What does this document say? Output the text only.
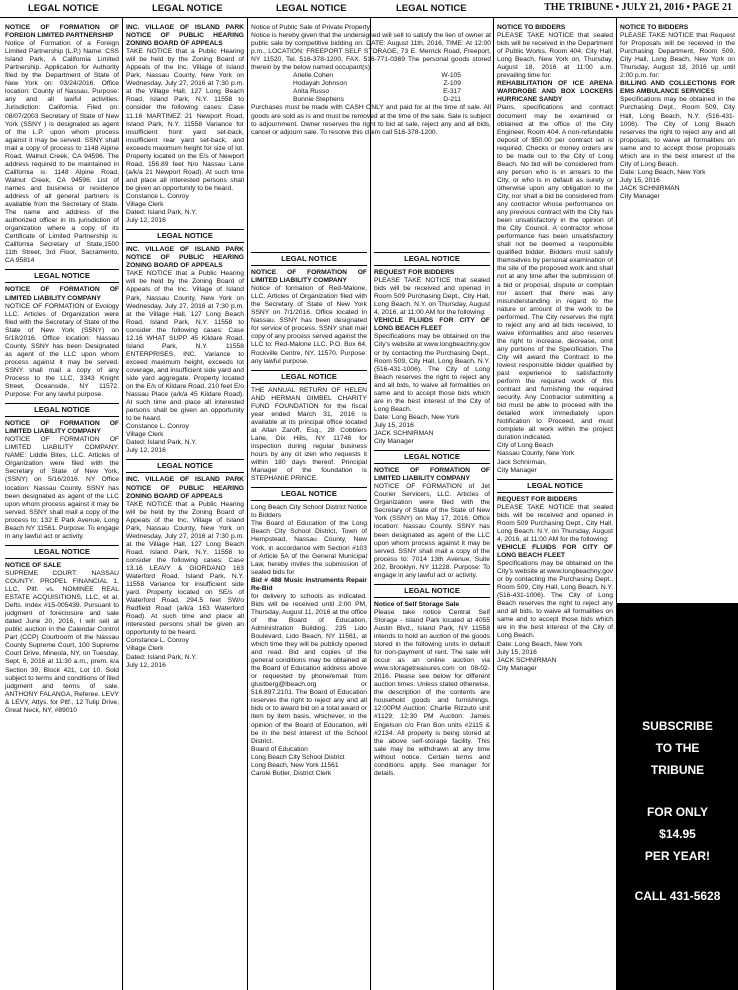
LEGAL NOTICE	LEGAL NOTICE	LEGAL NOTICE	LEGAL NOTICE	THE TRIBUNE • JULY 21, 2016 • PAGE 21

NOTICE OF FORMATION OF FOREIGN LIMITED PARTNERSHIP

Notice of Formation of a Foreign Limited Partnership (L.P.) Name: CSS Island Park, A California Limited Partnership. Application for Authority filed by the Department of State of New York on: 03/24/2016. Office location: County of Nassau. Purpose: any and all lawful activities. Jurisdiction: California. Filed on: 08/07/2003 Secretary of State of New York (SSNY ) is designated as agent of the L.P. upon whom process against it may be served. SSNY shall mail a copy of process to 1148 Alpine Road, Walnut Creek, CA 94596. The address required to be maintained in California is: 1148 Alpine Road, Walnut Creek, CA 94596. List of names and business or residence address of all general partners is available from the Secretary of State. The name and address of the authorized officer in its jurisdiction of organization where a copy of its Certificate of Limited Partnership is: California Secretary of State,1500 11th Street, 3rd Floor, Sacramento, CA 95814

LEGAL NOTICE

NOTICE OF FORMATION OF LIMITED LIABILITY COMPANY

NOTICE OF FORMATION of Evology LLC. Articles of Organization were filed with the Secretary of State of the State of New York (SSNY) on 5/18/2016. Office location: Nassau County. SSNY has been Designated as agent of the LLC upon whom process against it may be served. SSNY shall mail a copy of any Process to the LLC, 3343 Knight Street, Oceanside, NY 11572. Purpose: For any lawful purpose.

LEGAL NOTICE

NOTICE OF FORMATION OF LIMITED LIABILITY COMPANY

NOTICE OF FORMATION OF LIMITED LIABILITY COMPANY. NAME: Liddle Bites, LLC. Articles of Organization were filed with the Secretary of State of New York, (SSNY) on 5/16/2016. NY Office location: Nassau County. SSNY has been designated as agent of the LLC upon whom process against it may be served. SSNY shall mail a copy of the process to: 132 E Park Avenue, Long Beach NY 11561. Purpose: To engage in any lawful act or activity.

LEGAL NOTICE

NOTICE OF SALE

SUPREME COURT: NASSAU COUNTY. PROPEL FINANCIAL 1, LLC, Pltf. vs. NOMINEE REAL ESTATE ACQUISITIONS, LLC, et al, Defts. Index #15-005439. Pursuant to judgment of foreclosure and sale dated June 20, 2016, I will sell at public auction in the Calendar Control Part (CCP) Courtroom of the Nassau County Supreme Court, 100 Supreme Court Drive, Mineola, NY, on Tuesday, Sept. 6, 2016 at 11:30 a.m., prem. k/a Section 39, Block 421, Lot 10. Sold subject to terms and conditions of filed judgment and terms of sale. ANTHONY FALANGA, Referee. LEVY & LEVY, Attys. for Pltf., 12 Tulip Drive, Great Neck, NY, #89010

INC. VILLAGE OF ISLAND PARK NOTICE OF PUBLIC HEARING ZONING BOARD OF APPEALS

TAKE NOTICE that a Public Hearing will be held by the Zoning Board of Appeals of the Inc. Village of Island Park, Nassau County, New York on Wednesday, July 27, 2016 at 7:30 p.m. at the Village Hall, 127 Long Beach Road, Island Park, N.Y. 11558 to consider the following cases: Case 11.16 MARTINEZ 21 Newport Road, Island Park, N.Y. 11558 Variance for insufficient front yard set-back, insufficient rear yard set-back, and exceeds maximum height for size of lot. Property located on the E/s of Newport Road, 156.89 feet N/o Nassau Lane (a/k/a 21 Newport Road). At such time and place all interested persons shall be given an opportunity to be heard.

Constance L. Conroy

Village Clerk

Dated: Island Park, N.Y.

July 12, 2016

LEGAL NOTICE

INC. VILLAGE OF ISLAND PARK NOTICE OF PUBLIC HEARING ZONING BOARD OF APPEALS

TAKE NOTICE that a Public Hearing will be held by the Zoning Board of Appeals of the Inc. Village of Island Park, Nassau County, New York on Wednesday, July 27, 2016 at 7:30 p.m. at the Village Hall, 127 Long Beach Road, Island Park, N.Y. 11558 to consider the following cases: Case 12.16 WHAT SUPP 45 Kildare Road, Island Park, N.Y. 11558 ENTERPRISES, INC. Variance to exceed maximum height, exceeds lot coverage, and insufficient side yard and side yard aggregate. Property located on the E/s of Kildare Road, 210 feet E/o Nassau Place (a/k/a 45 Kildare Road). At such time and place all interested persons shall be given an opportunity to be heard.

Constance L. Conroy

Village Clerk

Dated: Island Park, N.Y.

July 12, 2016

LEGAL NOTICE

INC. VILLAGE OF ISLAND PARK NOTICE OF PUBLIC HEARING ZONING BOARD OF APPEALS

TAKE NOTICE that a Public Hearing will be held by the Zoning Board of Appeals of the Inc. Village of Island Park, Nassau County, New York on Wednesday, July 27, 2016 at 7:30 p.m. at the Village Hall, 127 Long Beach Road, Island Park, N.Y. 11558 to consider the following cases: Case 13.16 LEAVY & GIORDANO 163 Waterford Road, Island Park, N.Y. 11558 Variance for insufficient side yard. Property located on SE/s of Waterford Road, 294.5 feet SW/o Redfield Road (a/k/a 163 Waterford Road). At such time and place all interested persons shall be given an opportunity to be heard.

Constance L. Conroy

Village Clerk

Dated: Island Park, N.Y.

July 12, 2016

Notice of Public Sale of Private Property

Notice is hereby given that the undersigned will sell to satisfy the lien of owner at public sale by competitive bidding on: DATE: August 11th, 2016, TIME: At 12:00 p.m., LOCATION: FREEPORT SELF STORAGE, 73 E. Merrick Road, Freeport, NY 11520, Tel. 516-378-1200, FAX. 516-771-0369 The personal goods stored therein by the below named occupant(s):

Arielle Cohen	W-105
Hodayah Johnson	Z-109
Anita Russo	E-317
Bonnie Stephens	D-211

Purchases must be made with CASH ONLY and paid for at the time of sale. All goods are sold as is and must be removed at the time of the sale. Sale is subject to adjournment. Owner reserves the right to bid at sale, reject any and all bids, cancel or adjourn sale. To resolve this claim call 516-378-1200.

LEGAL NOTICE

NOTICE OF FORMATION OF LIMITED LIABILITY COMPANY

Notice of formation of Red-Malone, LLC. Articles of Organization filed with the Secretary of State of New York SSNY on 7/1/2016. Office located in Nassau. SSNY has been designated for service of process. SSNY shall mail copy of any process served against the LLC to: Red-Malone LLC. P.O. Box 64, Rockville Centre, NY, 11570. Purpose: any lawful purpose.

LEGAL NOTICE

THE ANNUAL RETURN OF HELEN AND HERMAN GIMBEL CHARITY FUND FOUNDATION for the fiscal year ended March 31, 2016 is available at its principal office located at Allan Zaroff, Esq., 28 Cobblers Lane, Dix Hills, NY 11746 for inspection during regular business hours by any cit izen who requests it within 180 days thereof. Principal Manager of the foundation is STEPHANIE PRINCE.

LEGAL NOTICE

Long Beach City School District Notice to Bidders

The Board of Education of the Long Beach City School District, Town of Hempstead, Nassau County, New York, in accordance with Section #103 of Article 5A of the General Municipal Law, hereby invites the submission of sealed bids for

Bid # 488 Music Instruments Repair Re-Bid

for delivery to schools as indicated. Bids will be received until 2:00 PM, Thursday, August 11, 2016 at the office of the Board of Education, Administration Building, 235 Lido Boulevard, Lido Beach, NY 11561, at which time they will be publicly opened and read. Bid and copies of the general conditions may be obtained at the Board of Education address above or requested by phone/email from glustberg@lbeach.org or 516.897.2101. The Board of Education reserves the right to reject any and all bids or to award bid on a total award or item by item basis, whichever, in the opinion of the Board of Education, will be in the best interest of the School District.

Board of Education

Long Beach City School District

Long Beach, New York 11561

Carole Butler, District Clerk

LEGAL NOTICE

REQUEST FOR BIDDERS

PLEASE TAKE NOTICE that sealed bids will be received and opened in Room 509 Purchasing Dept., City Hall, Long Beach, N.Y. on Thursday, August 4, 2016, at 11:00 AM for the following:

VEHICLE FLUIDS FOR CITY OF LONG BEACH FLEET

Specifications may be obtained on the City's website at www.longbeachny.gov or by contacting the Purchasing Dept., Room 509, City Hall, Long Beach, N.Y. (516-431-1006). The City of Long Beach reserves the right to reject any and all bids, to waive all formalities on same and to accept those bids which are in the best interest of the City of Long Beach.

Date: Long Beach, New York

July 15, 2016

JACK SCHNIRMAN

City Manager

LEGAL NOTICE

NOTICE OF FORMATION OF LIMITED LIABILITY COMPANY

NOTICE OF FORMATION of Jet Courier Servicers, LLC. Articles of Organization were filed with the Secretary of State of the State of New York (SSNY) on May 17, 2016. Office location: Nassau County. SSNY has been designated as agent of the LLC upon whom process against it may be served. SSNY shall mail a copy of the process to: 7014 13th Avenue, Suite 202, Brooklyn, NY 11228. Purpose: To engage in any lawful act or activity.

LEGAL NOTICE

Notice of Self Storage Sale

Please take notice Central Self Storage - Island Park located at 4055 Austin Blvd., Island Park, NY 11558 intends to hold an auction of the goods stored in the following units in default for non-payment of rent. The sale will occur as an online auction via www.storagetreasures.com on 08-02-2016. Please see below for different auction times. Unless stated otherwise, the description of the contents are household goods and furnishings. 12:00PM Auction: Charlie Rizzuto unit #1129; 12:30 PM Auction: James Engelson c/o Fran Bon units #2115 & #2134. All property is being stored at the above self-storage facility. This sale may be withdrawn at any time without notice. Certain terms and conditions apply. See manager for details.

NOTICE TO BIDDERS

PLEASE TAKE NOTICE that sealed bids will be received in the Department of Public Works, Room 404, City Hall, Long Beach, New York on, Thursday, August 18, 2016 at 11:00 a.m. prevailing time for:

REHABILITATION OF ICE ARENA WARDROBE AND BOX LOCKERS HURRICANE SANDY

Plans, specifications and contract document may be examined or obtained at the office of the City Engineer, Room 404. A non-refundable deposit of $50.00 per contract set is required. Checks or money orders are to be made out to the City of Long Beach. No bid will be considered from any person who is in arrears to the City, or who is in default as surety or otherwise upon any obligation to the City, nor shall a bid be considered from any contractor whose performance on any previous contract with the City has been unsatisfactory in the opinion of the City Council. A contractor whose performance has been unsatisfactory shall not be deemed a responsible qualified bidder. Bidders must satisfy themselves by personal examination of the site of the proposed work and shall not at any time after the submission of a bid or proposal, dispute or complain nor assert that there was any misunderstanding in regard to the nature or amount of the work to be performed. The City reserves the right to reject any and all bids received, to waive informalities and also reserves the right to increase, decrease, omit any portions of the Specification. The City will award the Contract to the lowest responsible bidder qualified by past experience to satisfactorily perform the required work of this contract and furnishing the required security. Any Contractor submitting a bid must be able to proceed with the detailed work immediately upon Notification to Proceed, and must complete all work within the project duration indicated.

City of Long Beach

Nassau County, New York

Jack Schnirman,

City Manager

LEGAL NOTICE

REQUEST FOR BIDDERS

PLEASE TAKE NOTICE that sealed bids will be received and opened in Room 509 Purchasing Dept., City Hall, Long Beach, N.Y. on Thursday, August 4, 2016, at 11:00 AM for the following:

VEHICLE FLUIDS FOR CITY OF LONG BEACH FLEET

Specifications may be obtained on the City's website at www.longbeachny.gov or by contacting the Purchasing Dept., Room 509, City Hall, Long Beach, N.Y. (516-431-1006). The City of Long Beach reserves the right to reject any and all bids, to waive all formalities on same and to accept those bids which are in the best interest of the City of Long Beach.

Date: Long Beach, New York

July 15, 2016

JACK SCHNIRMAN

City Manager

NOTICE TO BIDDERS

PLEASE TAKE NOTICE that Request for Proposals will be received in the Purchasing Department, Room 509, City Hall, Long Beach, New York on Thursday, August 18, 2016 up until 2:00 p.m. for:

BILLING AND COLLECTIONS FOR EMS AMBULANCE SERVICES

Specifications may be obtained in the Purchasing Dept., Room 509, City Hall, Long Beach, N.Y. (516-431-1006). The City of Long Beach reserves the right to reject any and all proposals, to waive all formalities on same and to accept those proposals which are in the best interest of the City of Long Beach.

Date: Long Beach, New York

July 15, 2016

JACK SCHNIRMAN

City Manager

SUBSCRIBE
TO THE
TRIBUNE
FOR ONLY
$14.95
PER YEAR!
CALL 431-5628
